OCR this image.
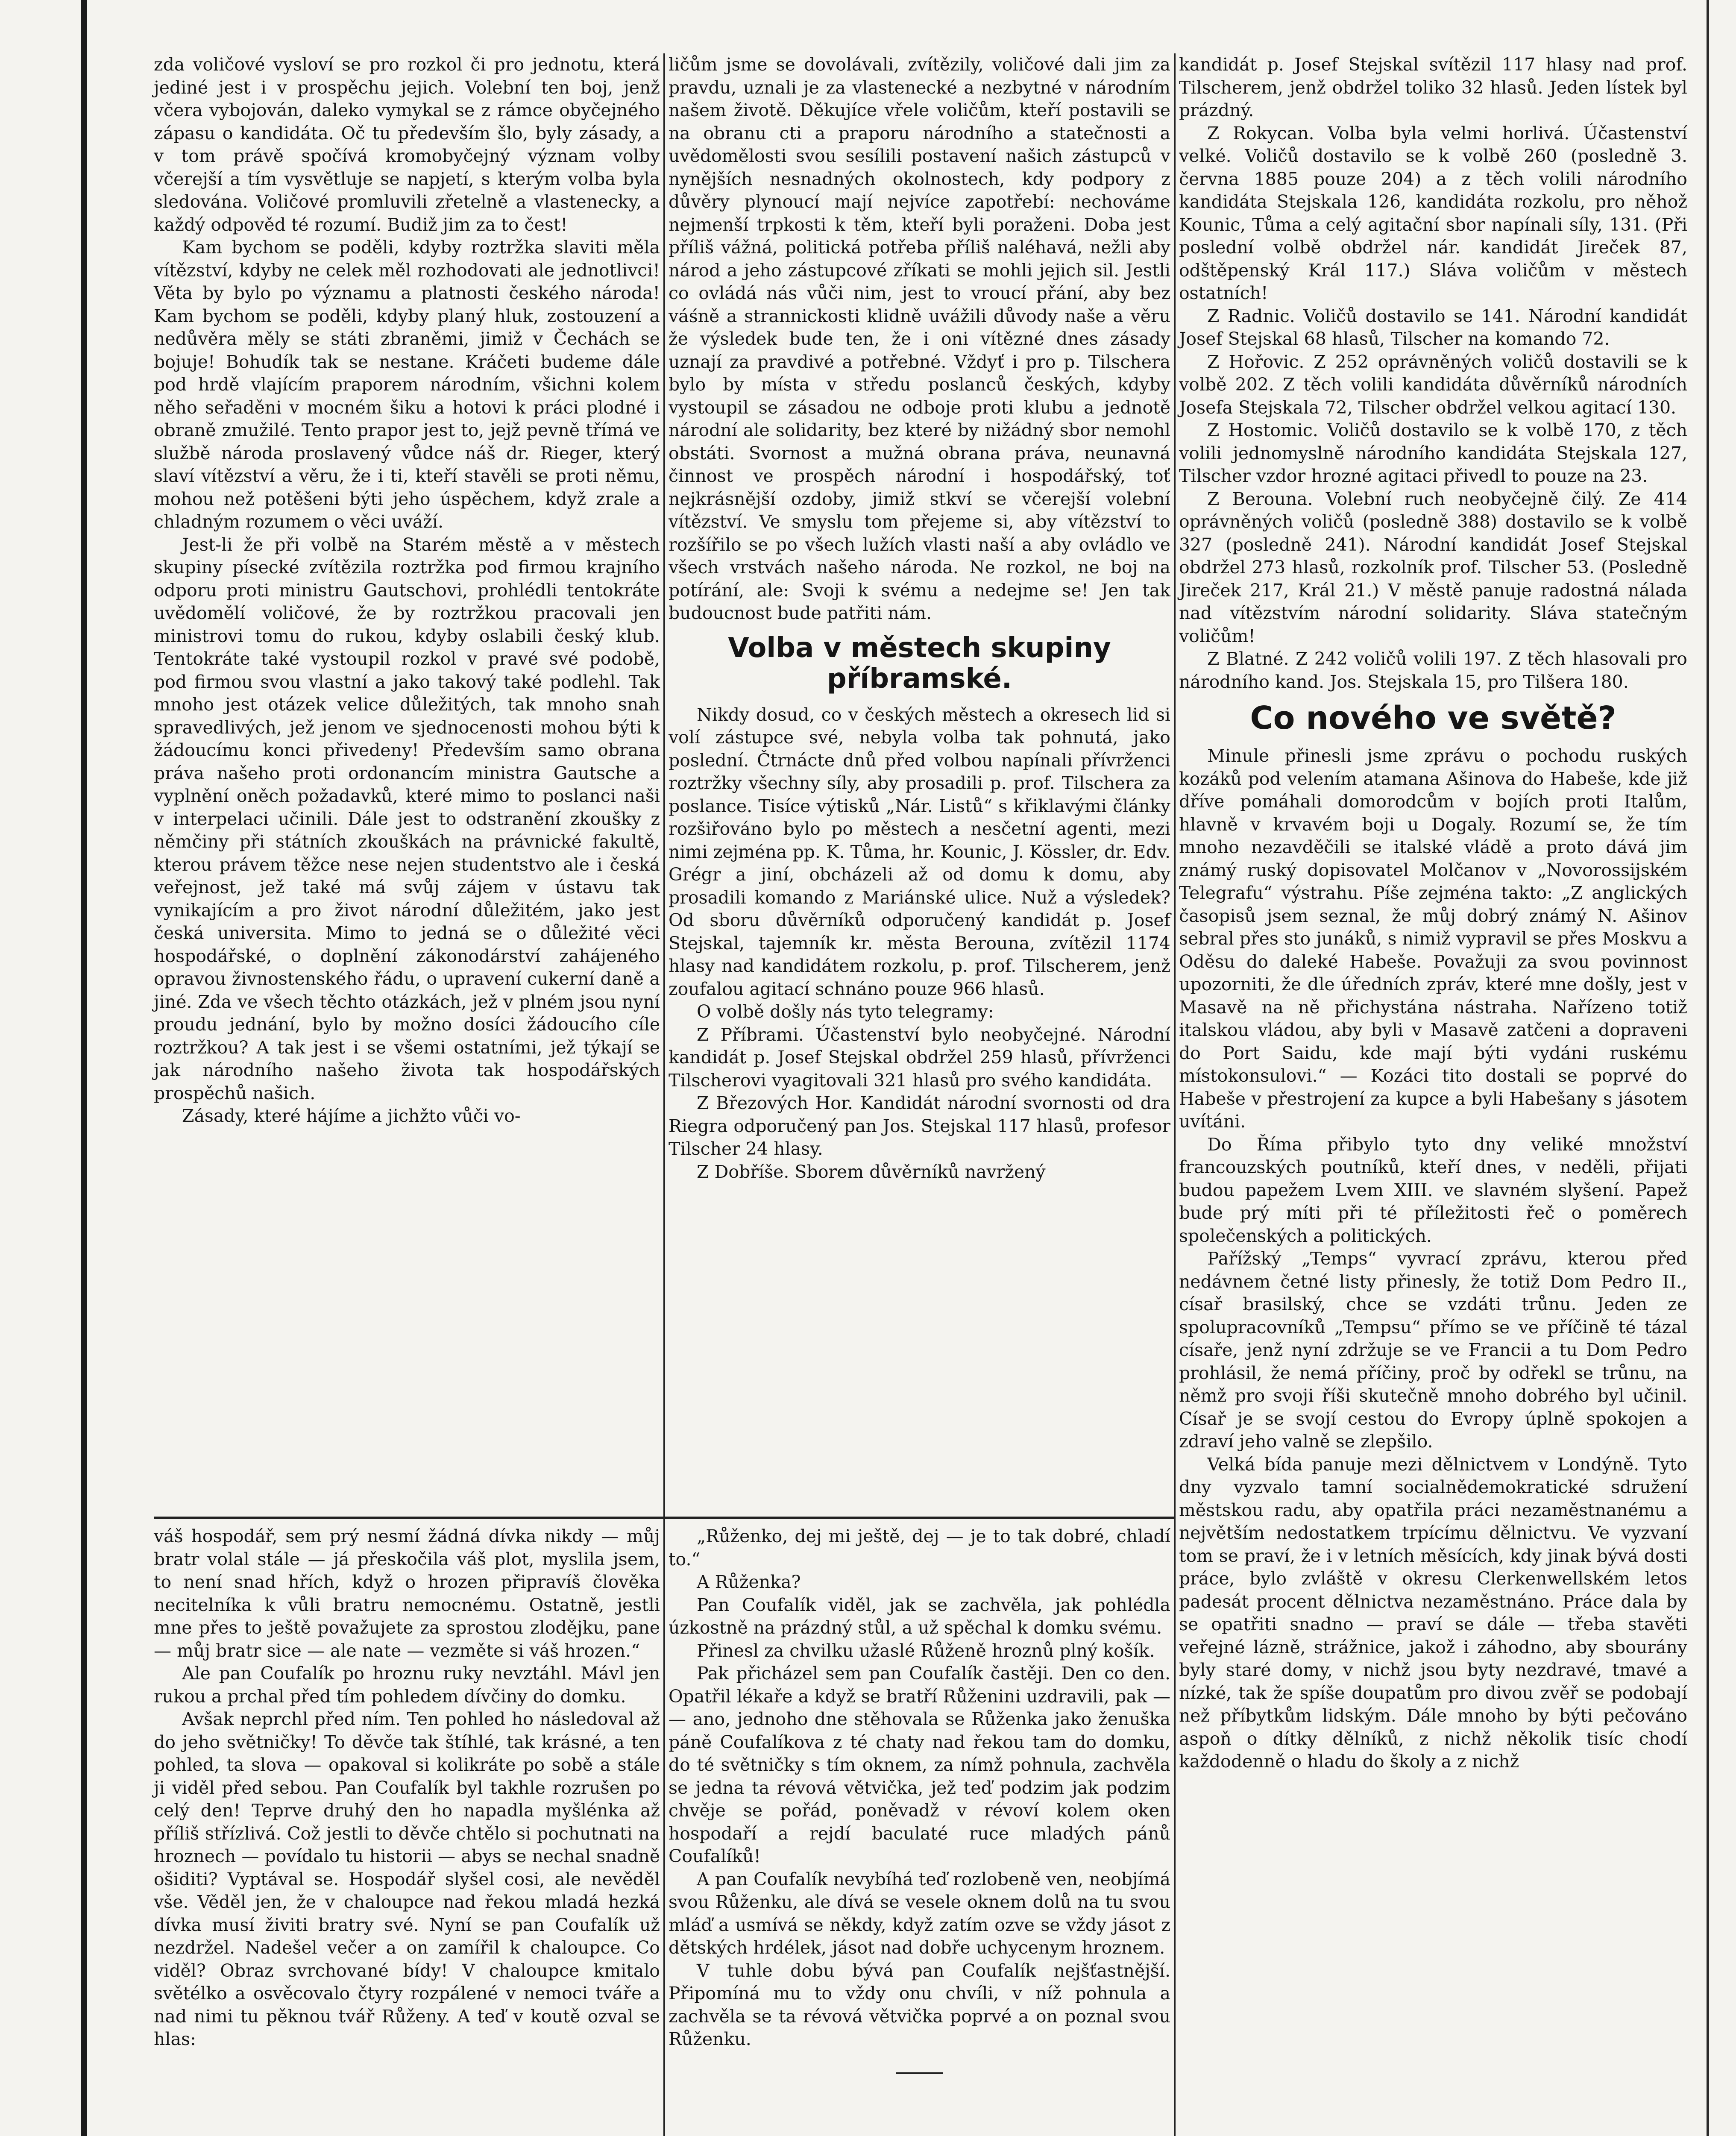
zda voličové vysloví se pro rozkol či pro jednotu, která jediné jest i v prospěchu jejich. Volební ten boj, jenž včera vybojován, daleko vymykal se z rámce obyčejného zápasu o kandidáta. Oč tu především šlo, byly zásady, a v tom právě spočívá kromobyčejný význam volby včerejší a tím vysvětluje se napjetí, s kterým volba byla sledována. Voličové promluvili zřetelně a vlastenecky, a každý odpověd té rozumí. Budiž jim za to čest!

Kam bychom se poděli, kdyby roztržka slaviti měla vítězství, kdyby ne celek měl rozhodovati ale jednotlivci! Věta by bylo po významu a platnosti českého národa! Kam bychom se poděli, kdyby planý hluk, zostouzení a nedůvěra měly se státi zbraněmi, jimiž v Čechách se bojuje! Bohudík tak se nestane. Kráčeti budeme dále pod hrdě vlajícím praporem národním, všichni kolem něho seřaděni v mocném šiku a hotovi k práci plodné i obraně zmužilé. Tento prapor jest to, jejž pevně třímá ve službě národa proslavený vůdce náš dr. Rieger, který slaví vítězství a věru, že i ti, kteří stavěli se proti němu, mohou než potěšeni býti jeho úspěchem, když zrale a chladným rozumem o věci uváží.

Jest-li že při volbě na Starém městě a v městech skupiny písecké zvítězila roztržka pod firmou krajního odporu proti ministru Gautschovi, prohlédli tentokráte uvědomělí voličové, že by roztržkou pracovali jen ministrovi tomu do rukou, kdyby oslabili český klub. Tentokráte také vystoupil rozkol v pravé své podobě, pod firmou svou vlastní a jako takový také podlehl. Tak mnoho jest otázek velice důležitých, tak mnoho snah spravedlivých, jež jenom ve sjednocenosti mohou býti k žádoucímu konci přivedeny! Především samo obrana práva našeho proti ordonancím ministra Gautsche a vyplnění oněch požadavků, které mimo to poslanci naši v interpelaci učinili. Dále jest to odstranění zkoušky z němčiny při státních zkouškách na právnické fakultě, kterou právem těžce nese nejen studentstvo ale i česká veřejnost, jež také má svůj zájem v ústavu tak vynikajícím a pro život národní důležitém, jako jest česká universita. Mimo to jedná se o důležité věci hospodářské, o doplnění zákonodárství zahájeného opravou živnostenského řádu, o upravení cukerní daně a jiné. Zda ve všech těchto otázkách, jež v plném jsou nyní proudu jednání, bylo by možno dosíci žádoucího cíle roztržkou? A tak jest i se všemi ostatními, jež týkají se jak národního našeho života tak hospodářských prospěchů našich.

Zásady, které hájíme a jichžto vůči vo-

váš hospodář, sem prý nesmí žádná dívka nikdy — můj bratr volal stále — já přeskočila váš plot, myslila jsem, to není snad hřích, když o hrozen připravíš člověka necitelníka k vůli bratru nemocnému. Ostatně, jestli mne přes to ještě považujete za sprostou zlodějku, pane — můj bratr sice — ale nate — vezměte si váš hrozen.“

Ale pan Coufalík po hroznu ruky nevztáhl. Mávl jen rukou a prchal před tím pohledem dívčiny do domku.

Avšak neprchl před ním. Ten pohled ho následoval až do jeho světničky! To děvče tak štíhlé, tak krásné, a ten pohled, ta slova — opakoval si kolikráte po sobě a stále ji viděl před sebou. Pan Coufalík byl takhle rozrušen po celý den! Teprve druhý den ho napadla myšlénka až příliš střízlivá. Což jestli to děvče chtělo si pochutnati na hroznech — povídalo tu historii — abys se nechal snadně ošiditi? Vyptával se. Hospodář slyšel cosi, ale nevěděl vše. Věděl jen, že v chaloupce nad řekou mladá hezká dívka musí živiti bratry své. Nyní se pan Coufalík už nezdržel. Nadešel večer a on zamířil k chaloupce. Co viděl? Obraz svrchované bídy! V chaloupce kmitalo světélko a osvěcovalo čtyry rozpálené v nemoci tváře a nad nimi tu pěknou tvář Růženy. A teď v koutě ozval se hlas:

ličům jsme se dovolávali, zvítězily, voličové dali jim za pravdu, uznali je za vlastenecké a nezbytné v národním našem životě. Děkujíce vřele voličům, kteří postavili se na obranu cti a praporu národního a statečnosti a uvědomělosti svou sesílili postavení našich zástupců v nynějších nesnadných okolnostech, kdy podpory z důvěry plynoucí mají nejvíce zapotřebí: nechováme nejmenší trpkosti k těm, kteří byli poraženi. Doba jest příliš vážná, politická potřeba příliš naléhavá, nežli aby národ a jeho zástupcové zříkati se mohli jejich sil. Jestli co ovládá nás vůči nim, jest to vroucí přání, aby bez váśně a strannickosti klidně uvážili důvody naše a věru že výsledek bude ten, že i oni vítězné dnes zásady uznají za pravdivé a potřebné. Vždyť i pro p. Tilschera bylo by místa v středu poslanců českých, kdyby vystoupil se zásadou ne odboje proti klubu a jednotě národní ale solidarity, bez které by nižádný sbor nemohl obstáti. Svornost a mužná obrana práva, neunavná činnost ve prospěch národní i hospodářský, toť nejkrásnější ozdoby, jimiž stkví se včerejší volební vítězství. Ve smyslu tom přejeme si, aby vítězství to rozšířilo se po všech lužích vlasti naší a aby ovládlo ve všech vrstvách našeho národa. Ne rozkol, ne boj na potírání, ale: Svoji k svému a nedejme se! Jen tak budoucnost bude patřiti nám.

Volba v městech skupiny příbramské.

Nikdy dosud, co v českých městech a okresech lid si volí zástupce své, nebyla volba tak pohnutá, jako poslední. Čtrnácte dnů před volbou napínali přívrženci roztržky všechny síly, aby prosadili p. prof. Tilschera za poslance. Tisíce výtisků „Nár. Listů“ s křiklavými články rozšiřováno bylo po městech a nesčetní agenti, mezi nimi zejména pp. K. Tůma, hr. Kounic, J. Kössler, dr. Edv. Grégr a jiní, obcházeli až od domu k domu, aby prosadili komando z Mariánské ulice. Nuž a výsledek? Od sboru důvěrníků odporučený kandidát p. Josef Stejskal, tajemník kr. města Berouna, zvítězil 1174 hlasy nad kandidátem rozkolu, p. prof. Tilscherem, jenž zoufalou agitací schnáno pouze 966 hlasů.

O volbě došly nás tyto telegramy:

Z Příbrami. Účastenství bylo neobyčejné. Národní kandidát p. Josef Stejskal obdržel 259 hlasů, přívrženci Tilscherovi vyagitovali 321 hlasů pro svého kandidáta.

Z Březových Hor. Kandidát národní svornosti od dra Riegra odporučený pan Jos. Stejskal 117 hlasů, profesor Tilscher 24 hlasy.

Z Dobříše. Sborem důvěrníků navržený

„Růženko, dej mi ještě, dej — je to tak dobré, chladí to.“

A Růženka?

Pan Coufalík viděl, jak se zachvěla, jak pohlédla úzkostně na prázdný stůl, a už spěchal k domku svému.

Přinesl za chvilku užaslé Růženě hroznů plný košík.

Pak přicházel sem pan Coufalík častěji. Den co den. Opatřil lékaře a když se bratří Růženini uzdravili, pak — — ano, jednoho dne stěhovala se Růženka jako ženuška páně Coufalíkova z té chaty nad řekou tam do domku, do té světničky s tím oknem, za nímž pohnula, zachvěla se jedna ta révová větvička, jež teď podzim jak podzim chvěje se pořád, poněvadž v révoví kolem oken hospodaří a rejdí baculaté ruce mladých pánů Coufalíků!

A pan Coufalík nevybíhá teď rozlobeně ven, neobjímá svou Růženku, ale dívá se vesele oknem dolů na tu svou mláď a usmívá se někdy, když zatím ozve se vždy jásot z dětských hrdélek, jásot nad dobře uchycenym hroznem.

V tuhle dobu bývá pan Coufalík nejšťastnější. Připomíná mu to vždy onu chvíli, v níž pohnula a zachvěla se ta révová větvička poprvé a on poznal svou Růženku.

kandidát p. Josef Stejskal svítězil 117 hlasy nad prof. Tilscherem, jenž obdržel toliko 32 hlasů. Jeden lístek byl prázdný.

Z Rokycan. Volba byla velmi horlivá. Účastenství velké. Voličů dostavilo se k volbě 260 (posledně 3. června 1885 pouze 204) a z těch volili národního kandidáta Stejskala 126, kandidáta rozkolu, pro něhož Kounic, Tůma a celý agitační sbor napínali síly, 131. (Při poslední volbě obdržel nár. kandidát Jireček 87, odštěpenský Král 117.) Sláva voličům v městech ostatních!

Z Radnic. Voličů dostavilo se 141. Národní kandidát Josef Stejskal 68 hlasů, Tilscher na komando 72.

Z Hořovic. Z 252 oprávněných voličů dostavili se k volbě 202. Z těch volili kandidáta důvěrníků národních Josefa Stejskala 72, Tilscher obdržel velkou agitací 130.

Z Hostomic. Voličů dostavilo se k volbě 170, z těch volili jednomyslně národního kandidáta Stejskala 127, Tilscher vzdor hrozné agitaci přivedl to pouze na 23.

Z Berouna. Volební ruch neobyčejně čilý. Ze 414 oprávněných voličů (posledně 388) dostavilo se k volbě 327 (posledně 241). Národní kandidát Josef Stejskal obdržel 273 hlasů, rozkolník prof. Tilscher 53. (Posledně Jireček 217, Král 21.) V městě panuje radostná nálada nad vítězstvím národní solidarity. Sláva statečným voličům!

Z Blatné. Z 242 voličů volili 197. Z těch hlasovali pro národního kand. Jos. Stejskala 15, pro Tilšera 180.

Co nového ve světě?

Minule přinesli jsme zprávu o pochodu ruských kozáků pod velením atamana Ašinova do Habeše, kde již dříve pomáhali domorodcům v bojích proti Italům, hlavně v krvavém boji u Dogaly. Rozumí se, že tím mnoho nezavděčili se italské vládě a proto dává jim známý ruský dopisovatel Molčanov v „Novorossijském Telegrafu“ výstrahu. Píše zejména takto: „Z anglických časopisů jsem seznal, že můj dobrý známý N. Ašinov sebral přes sto junáků, s nimiž vypravil se přes Moskvu a Oděsu do daleké Habeše. Považuji za svou povinnost upozorniti, že dle úředních zpráv, které mne došly, jest v Masavě na ně přichystána nástraha. Nařízeno totiž italskou vládou, aby byli v Masavě zatčeni a dopraveni do Port Saidu, kde mají býti vydáni ruskému místokonsulovi.“ — Kozáci tito dostali se poprvé do Habeše v přestrojení za kupce a byli Habešany s jásotem uvítáni.

Do Říma přibylo tyto dny veliké množství francouzských poutníků, kteří dnes, v neděli, přijati budou papežem Lvem XIII. ve slavném slyšení. Papež bude prý míti při té příležitosti řeč o poměrech společenských a politických.

Pařížský „Temps“ vyvrací zprávu, kterou před nedávnem četné listy přinesly, že totiž Dom Pedro II., císař brasilský, chce se vzdáti trůnu. Jeden ze spolupracovníků „Tempsu“ přímo se ve příčině té tázal císaře, jenž nyní zdržuje se ve Francii a tu Dom Pedro prohlásil, že nemá příčiny, proč by odřekl se trůnu, na němž pro svoji říši skutečně mnoho dobrého byl učinil. Císař je se svojí cestou do Evropy úplně spokojen a zdraví jeho valně se zlepšilo.

Velká bída panuje mezi dělnictvem v Londýně. Tyto dny vyzvalo tamní socialnědemokratické sdružení městskou radu, aby opatřila práci nezaměstnanému a největším nedostatkem trpícímu dělnictvu. Ve vyzvaní tom se praví, že i v letních měsících, kdy jinak bývá dosti práce, bylo zvláště v okresu Clerkenwellském letos padesát procent dělnictva nezaměstnáno. Práce dala by se opatřiti snadno — praví se dále — třeba stavěti veřejné lázně, strážnice, jakož i záhodno, aby sbourány byly staré domy, v nichž jsou byty nezdravé, tmavé a nízké, tak že spíše doupatům pro divou zvěř se podobají než příbytkům lidským. Dále mnoho by býti pečováno aspoň o dítky dělníků, z nichž několik tisíc chodí každodenně o hladu do školy a z nichž
